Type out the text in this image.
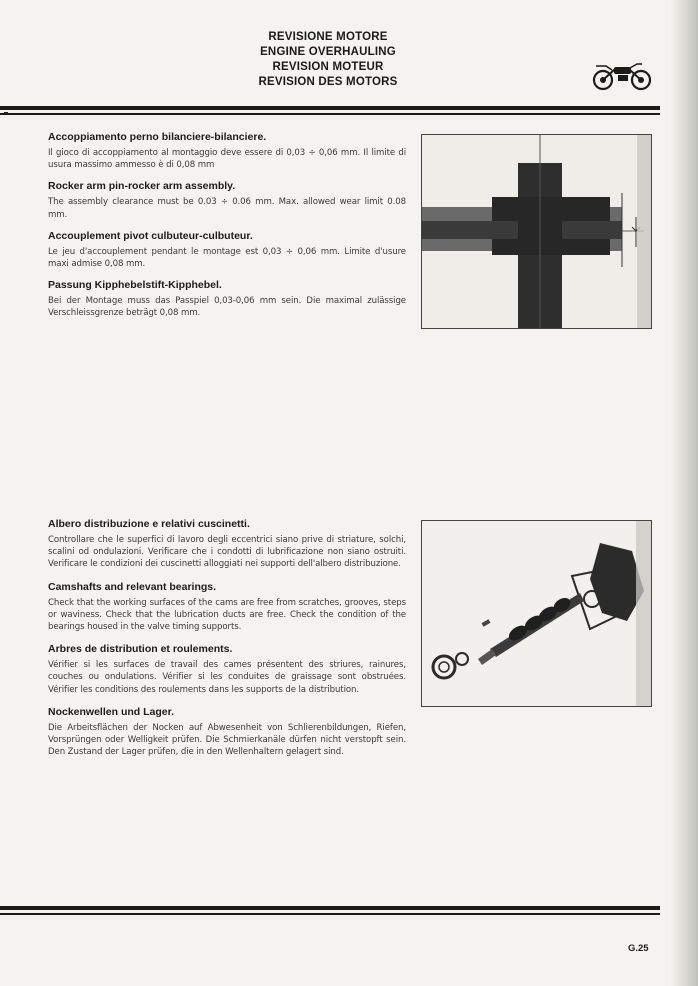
REVISIONE MOTORE
ENGINE OVERHAULING
REVISION MOTEUR
REVISION DES MOTORS
Accoppiamento perno bilanciere-bilanciere.

Il gioco di accoppiamento al montaggio deve essere di 0,03 ÷ 0,06 mm. Il limite di usura massimo ammesso è di 0,08 mm

Rocker arm pin-rocker arm assembly.

The assembly clearance must be 0.03 ÷ 0.06 mm. Max. allowed wear limit 0.08 mm.

Accouplement pivot culbuteur-culbuteur.

Le jeu d'accouplement pendant le montage est 0,03 ÷ 0,06 mm. Limite d'usure maxi admise 0,08 mm.

Passung Kipphebelstift-Kipphebel.

Bei der Montage muss das Passpiel 0,03-0,06 mm sein. Die maximal zulässige Verschleissgrenze beträgt 0,08 mm.

Albero distribuzione e relativi cuscinetti.

Controllare che le superfici di lavoro degli eccentrici siano prive di striature, solchi, scalini od ondulazioni. Verificare che i condotti di lubrificazione non siano ostruiti. Verificare le condizioni dei cuscinetti alloggiati nei supporti dell'albero distribuzione.

Camshafts and relevant bearings.

Check that the working surfaces of the cams are free from scratches, grooves, steps or waviness. Check that the lubrication ducts are free. Check the condition of the bearings housed in the valve timing supports.

Arbres de distribution et roulements.

Vérifier si les surfaces de travail des cames présentent des striures, rainures, couches ou ondulations. Vérifier si les conduites de graissage sont obstruées. Vérifier les conditions des roulements dans les supports de la distribution.

Nockenwellen und Lager.

Die Arbeitsflächen der Nocken auf Abwesenheit von Schlierenbildungen, Riefen, Vorsprüngen oder Welligkeit prüfen. Die Schmierkanäle dürfen nicht verstopft sein. Den Zustand der Lager prüfen, die in den Wellenhaltern gelagert sind.

G.25
